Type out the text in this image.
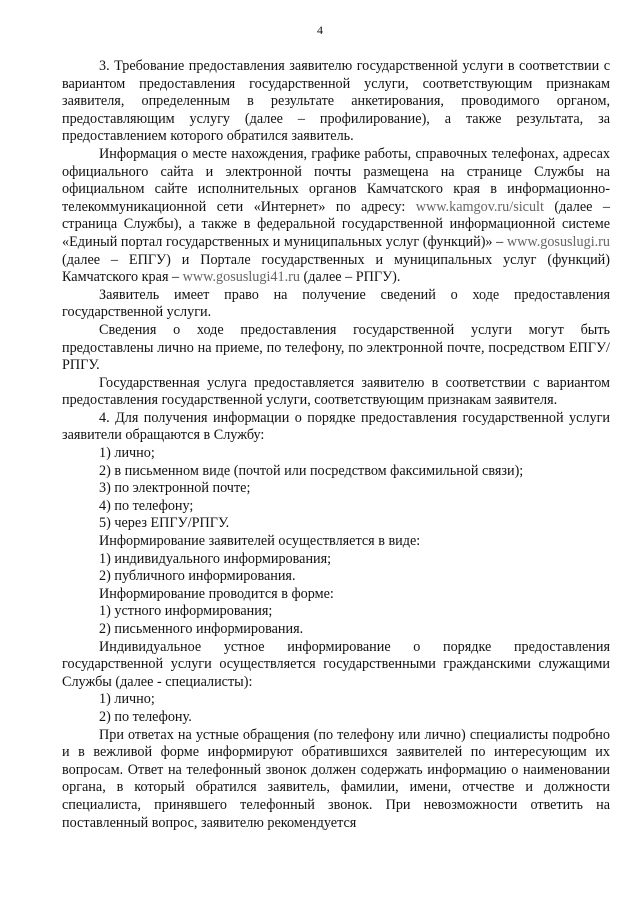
4

3. Требование предоставления заявителю государственной услуги в соответствии с вариантом предоставления государственной услуги, соответствующим признакам заявителя, определенным в результате анкетирования, проводимого органом, предоставляющим услугу (далее – профилирование), а также результата, за предоставлением которого обратился заявитель.

Информация о месте нахождения, графике работы, справочных телефонах, адресах официального сайта и электронной почты размещена на странице Службы на официальном сайте исполнительных органов Камчатского края в информационно-телекоммуникационной сети «Интернет» по адресу: www.kamgov.ru/sicult (далее – страница Службы), а также в федеральной государственной информационной системе «Единый портал государственных и муниципальных услуг (функций)» – www.gosuslugi.ru (далее – ЕПГУ) и Портале государственных и муниципальных услуг (функций) Камчатского края – www.gosuslugi41.ru (далее – РПГУ).

Заявитель имеет право на получение сведений о ходе предоставления государственной услуги.

Сведения о ходе предоставления государственной услуги могут быть предоставлены лично на приеме, по телефону, по электронной почте, посредством ЕПГУ/РПГУ.

Государственная услуга предоставляется заявителю в соответствии с вариантом предоставления государственной услуги, соответствующим признакам заявителя.

4. Для получения информации о порядке предоставления государственной услуги заявители обращаются в Службу:

1) лично;

2) в письменном виде (почтой или посредством факсимильной связи);

3) по электронной почте;

4) по телефону;

5) через ЕПГУ/РПГУ.

Информирование заявителей осуществляется в виде:

1) индивидуального информирования;

2) публичного информирования.

Информирование проводится в форме:

1) устного информирования;

2) письменного информирования.

Индивидуальное устное информирование о порядке предоставления государственной услуги осуществляется государственными гражданскими служащими Службы (далее - специалисты):

1) лично;

2) по телефону.

При ответах на устные обращения (по телефону или лично) специалисты подробно и в вежливой форме информируют обратившихся заявителей по интересующим их вопросам. Ответ на телефонный звонок должен содержать информацию о наименовании органа, в который обратился заявитель, фамилии, имени, отчестве и должности специалиста, принявшего телефонный звонок. При невозможности ответить на поставленный вопрос, заявителю рекомендуется
